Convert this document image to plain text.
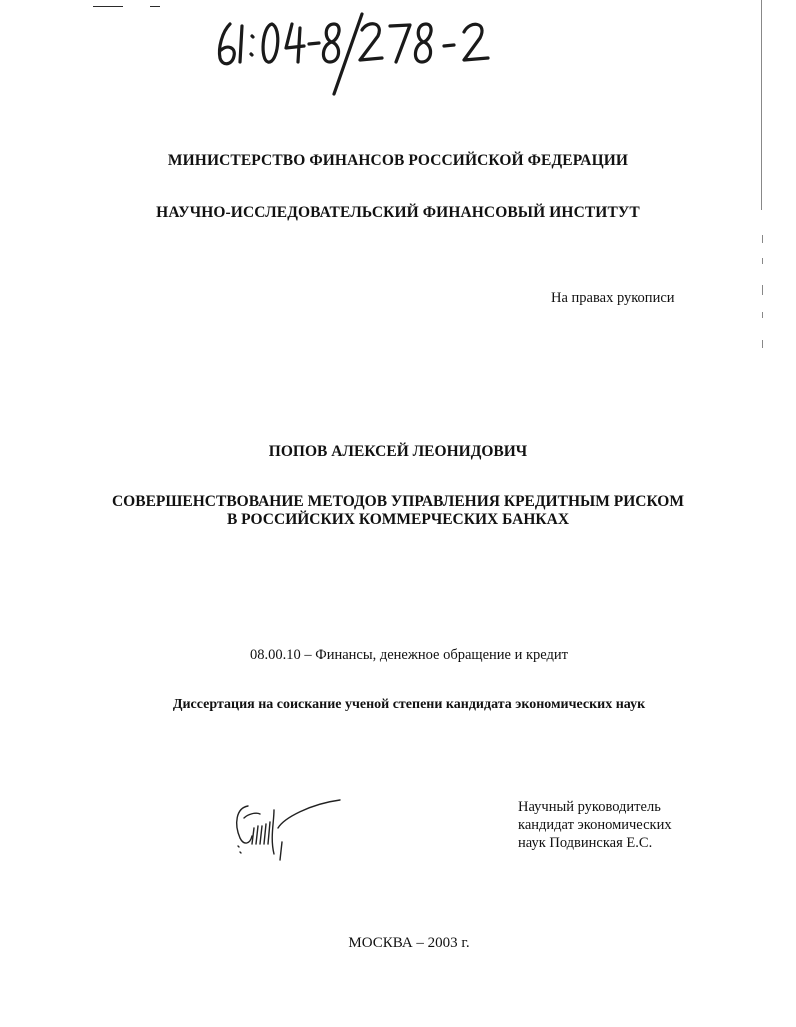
МИНИСТЕРСТВО ФИНАНСОВ РОССИЙСКОЙ ФЕДЕРАЦИИ
НАУЧНО-ИССЛЕДОВАТЕЛЬСКИЙ ФИНАНСОВЫЙ ИНСТИТУТ
На правах рукописи
ПОПОВ АЛЕКСЕЙ ЛЕОНИДОВИЧ
СОВЕРШЕНСТВОВАНИЕ МЕТОДОВ УПРАВЛЕНИЯ КРЕДИТНЫМ РИСКОМ
В РОССИЙСКИХ КОММЕРЧЕСКИХ БАНКАХ
08.00.10 – Финансы, денежное обращение и кредит
Диссертация на соискание ученой степени кандидата экономических наук
Научный руководитель
кандидат экономических
наук Подвинская Е.С.
МОСКВА – 2003 г.
